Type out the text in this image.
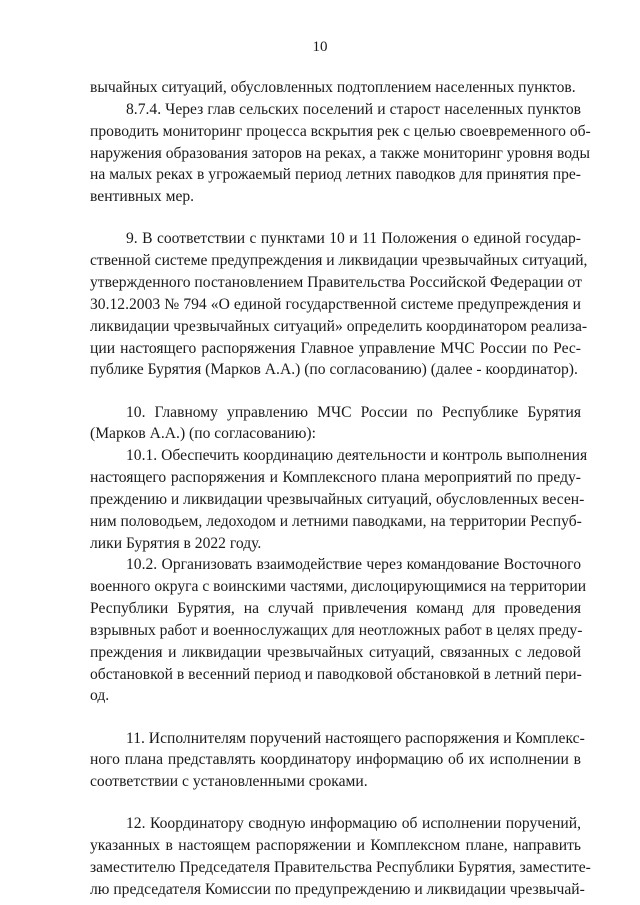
10
вычайных ситуаций, обусловленных подтоплением населенных пунктов.
8.7.4. Через глав сельских поселений и старост населенных пунктов
проводить мониторинг процесса вскрытия рек с целью своевременного об-
наружения образования заторов на реках, а также мониторинг уровня воды
на малых реках в угрожаемый период летних паводков для принятия пре-
вентивных мер.
9. В соответствии с пунктами 10 и 11 Положения о единой государ-
ственной системе предупреждения и ликвидации чрезвычайных ситуаций,
утвержденного постановлением Правительства Российской Федерации от
30.12.2003 № 794 «О единой государственной системе предупреждения и
ликвидации чрезвычайных ситуаций» определить координатором реализа-
ции настоящего распоряжения Главное управление МЧС России по Рес-
публике Бурятия (Марков А.А.) (по согласованию) (далее - координатор).
10. Главному управлению МЧС России по Республике Бурятия
(Марков А.А.) (по согласованию):
10.1. Обеспечить координацию деятельности и контроль выполнения
настоящего распоряжения и Комплексного плана мероприятий по преду-
преждению и ликвидации чрезвычайных ситуаций, обусловленных весен-
ним половодьем, ледоходом и летними паводками, на территории Респуб-
лики Бурятия в 2022 году.
10.2. Организовать взаимодействие через командование Восточного
военного округа с воинскими частями, дислоцирующимися на территории
Республики Бурятия, на случай привлечения команд для проведения
взрывных работ и военнослужащих для неотложных работ в целях преду-
преждения и ликвидации чрезвычайных ситуаций, связанных с ледовой
обстановкой в весенний период и паводковой обстановкой в летний пери-
од.
11. Исполнителям поручений настоящего распоряжения и Комплекс-
ного плана представлять координатору информацию об их исполнении в
соответствии с установленными сроками.
12. Координатору сводную информацию об исполнении поручений,
указанных в настоящем распоряжении и Комплексном плане, направить
заместителю Председателя Правительства Республики Бурятия, заместите-
лю председателя Комиссии по предупреждению и ликвидации чрезвычай-
